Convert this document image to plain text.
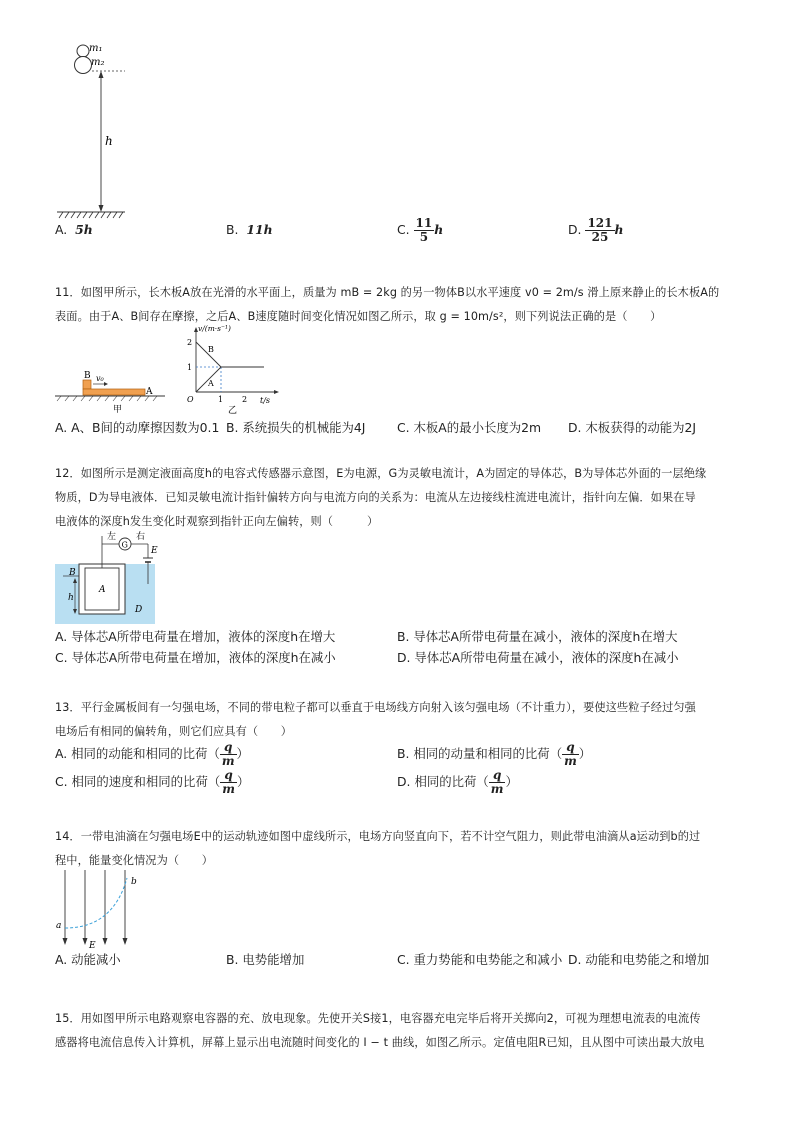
m₁
m₂
h
A. 5h	B. 11h	C. $\frac{11}{5}$ h	D. $\frac{121}{25}$ h
11．如图甲所示，长木板A放在光滑的水平面上，质量为 mB = 2kg 的另一物体B以水平速度 v0 = 2m/s 滑上原来静止的长木板A的
表面。由于A、B间存在摩擦，之后A、B速度随时间变化情况如图乙所示，取 g = 10m/s²，则下列说法正确的是（　　）
B v₀
A
甲
v/(m·s⁻¹)
t/s
2
1
O	1 2
B
A
乙
A. A、B间的动摩擦因数为0.1 B. 系统损失的机械能为4J	C. 木板A的最小长度为2m D. 木板获得的动能为2J
12．如图所示是测定液面高度h的电容式传感器示意图，E为电源，G为灵敏电流计，A为固定的导体芯，B为导体芯外面的一层绝缘
物质，D为导电液体．已知灵敏电流计指针偏转方向与电流方向的关系为：电流从左边接线柱流进电流计，指针向左偏．如果在导
电液体的深度h发生变化时观察到指针正向左偏转，则（　　　）
G
左 右
E
B
A
h
D
A. 导体芯A所带电荷量在增加，液体的深度h在增大	B. 导体芯A所带电荷量在减小，液体的深度h在增大
C. 导体芯A所带电荷量在增加，液体的深度h在减小	D. 导体芯A所带电荷量在减小，液体的深度h在减小
13．平行金属板间有一匀强电场，不同的带电粒子都可以垂直于电场线方向射入该匀强电场（不计重力），要使这些粒子经过匀强
电场后有相同的偏转角，则它们应具有（　　）
A. 相同的动能和相同的比荷（ $\frac{q}{m}$ ）	B. 相同的动量和相同的比荷（ $\frac{q}{m}$ ）
C. 相同的速度和相同的比荷（ $\frac{q}{m}$ ）	D. 相同的比荷（ $\frac{q}{m}$ ）
14．一带电油滴在匀强电场E中的运动轨迹如图中虚线所示，电场方向竖直向下，若不计空气阻力，则此带电油滴从a运动到b的过
程中，能量变化情况为（　　）
a
b
E
A. 动能减小	B. 电势能增加	C. 重力势能和电势能之和减小 D. 动能和电势能之和增加
15．用如图甲所示电路观察电容器的充、放电现象。先使开关S接1，电容器充电完毕后将开关掷向2，可视为理想电流表的电流传
感器将电流信息传入计算机，屏幕上显示出电流随时间变化的 I − t 曲线，如图乙所示。定值电阻R已知，且从图中可读出最大放电
